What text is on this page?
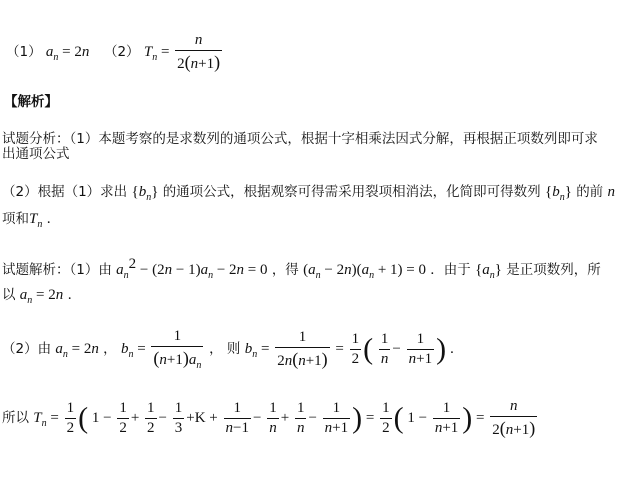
（1） $a_n = 2n$ （2） $T_n = \frac{n}{2(n+1)}$
【解析】
试题分析：（1）本题考察的是求数列的通项公式，根据十字相乘法因式分解，再根据正项数列即可求
出通项公式
（2）根据（1）求出 $\{b_n\}$ 的通项公式，根据观察可得需采用裂项相消法，化简即可得数列 $\{b_n\}$ 的前 n
项和$T_n$ ．
试题解析：（1）由 $a_n^2 - (2n - 1)a_n - 2n = 0$ ，得 $(a_n - 2n)(a_n + 1) = 0$ ．由于 $\{a_n\}$ 是正项数列，所
以 $a_n = 2n$ ．
（2）由 $a_n = 2n$ ， $b_n = \frac{1}{(n+1)a_n}$ ， 则 $b_n = \frac{1}{2n(n+1)} = \frac{1}{2}$ ( $\frac{1}{n} - \frac{1}{n+1}$ ) ．
所以 $T_n = \frac{1}{2}$ ( $1 - \frac{1}{2} + \frac{1}{2} - \frac{1}{3} +K + \frac{1}{n-1} - \frac{1}{n} + \frac{1}{n} - \frac{1}{n+1}$ ) = $\frac{1}{2}$ ( $1 - \frac{1}{n+1}$ ) = $\frac{n}{2(n+1)}$
